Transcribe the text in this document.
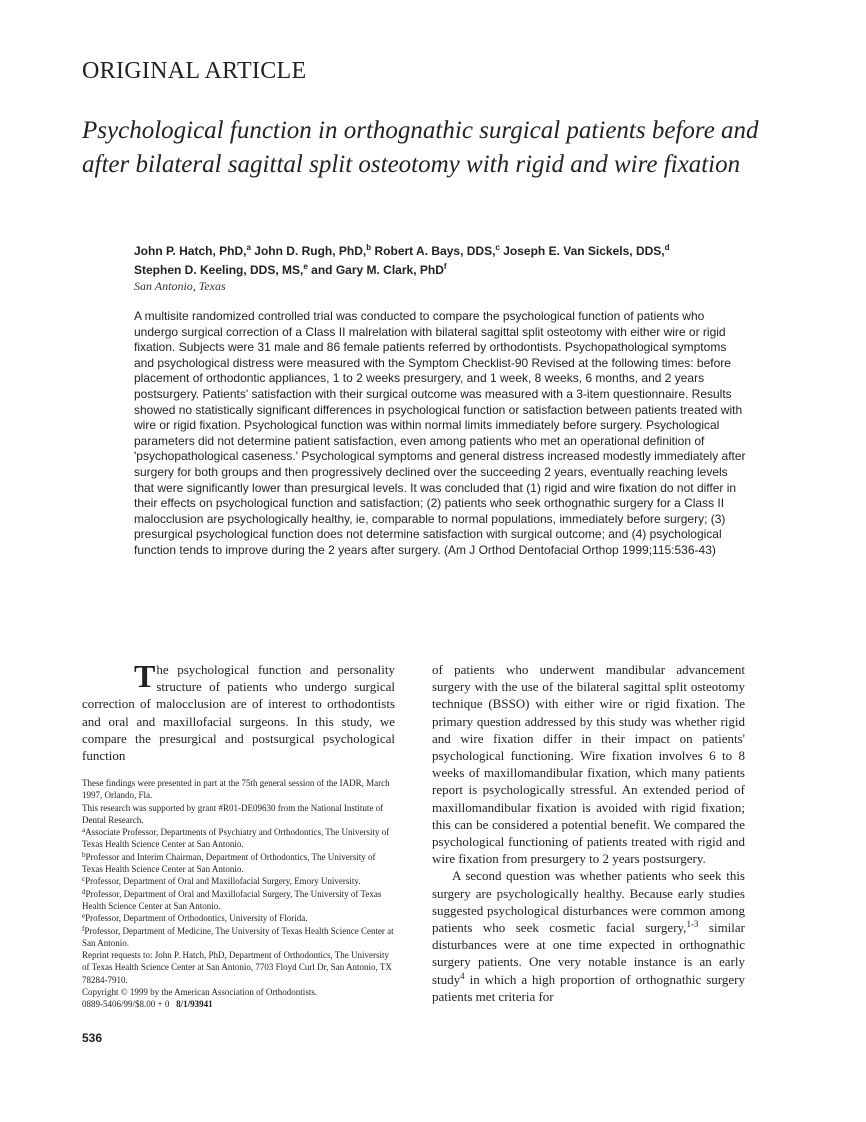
ORIGINAL ARTICLE
Psychological function in orthognathic surgical patients before and after bilateral sagittal split osteotomy with rigid and wire fixation
John P. Hatch, PhD,$^a$ John D. Rugh, PhD,$^b$ Robert A. Bays, DDS,$^c$ Joseph E. Van Sickels, DDS,$^d$
Stephen D. Keeling, DDS, MS,$^e$ and Gary M. Clark, PhD$^f$
San Antonio, Texas
A multisite randomized controlled trial was conducted to compare the psychological function of patients who undergo surgical correction of a Class II malrelation with bilateral sagittal split osteotomy with either wire or rigid fixation. Subjects were 31 male and 86 female patients referred by orthodontists. Psychopathological symptoms and psychological distress were measured with the Symptom Checklist-90 Revised at the following times: before placement of orthodontic appliances, 1 to 2 weeks presurgery, and 1 week, 8 weeks, 6 months, and 2 years postsurgery. Patients' satisfaction with their surgical outcome was measured with a 3-item questionnaire. Results showed no statistically significant differences in psychological function or satisfaction between patients treated with wire or rigid fixation. Psychological function was within normal limits immediately before surgery. Psychological parameters did not determine patient satisfaction, even among patients who met an operational definition of 'psychopathological caseness.' Psychological symptoms and general distress increased modestly immediately after surgery for both groups and then progressively declined over the succeeding 2 years, eventually reaching levels that were significantly lower than presurgical levels. It was concluded that (1) rigid and wire fixation do not differ in their effects on psychological function and satisfaction; (2) patients who seek orthognathic surgery for a Class II malocclusion are psychologically healthy, ie, comparable to normal populations, immediately before surgery; (3) presurgical psychological function does not determine satisfaction with surgical outcome; and (4) psychological function tends to improve during the 2 years after surgery. (Am J Orthod Dentofacial Orthop 1999;115:536-43)

The psychological function and personality structure of patients who undergo surgical correction of malocclusion are of interest to orthodontists and oral and maxillofacial surgeons. In this study, we compare the presurgical and postsurgical psychological function

These findings were presented in part at the 75th general session of the IADR, March 1997, Orlando, Fla.
This research was supported by grant #R01-DE09630 from the National Institute of Dental Research.
$^a$Associate Professor, Departments of Psychiatry and Orthodontics, The University of Texas Health Science Center at San Antonio.
$^b$Professor and Interim Chairman, Department of Orthodontics, The University of Texas Health Science Center at San Antonio.
$^c$Professor, Department of Oral and Maxillofacial Surgery, Emory University.
$^d$Professor, Department of Oral and Maxillofacial Surgery, The University of Texas Health Science Center at San Antonio.
$^e$Professor, Department of Orthodontics, University of Florida.
$^f$Professor, Department of Medicine, The University of Texas Health Science Center at San Antonio.
Reprint requests to: John P. Hatch, PhD, Department of Orthodontics, The University of Texas Health Science Center at San Antonio, 7703 Floyd Curl Dr, San Antonio, TX 78284-7910.
Copyright © 1999 by the American Association of Orthodontists.
0889-5406/99/$8.00 + 0 8/1/93941

of patients who underwent mandibular advancement surgery with the use of the bilateral sagittal split osteotomy technique (BSSO) with either wire or rigid fixation. The primary question addressed by this study was whether rigid and wire fixation differ in their impact on patients' psychological functioning. Wire fixation involves 6 to 8 weeks of maxillomandibular fixation, which many patients report is psychologically stressful. An extended period of maxillomandibular fixation is avoided with rigid fixation; this can be considered a potential benefit. We compared the psychological functioning of patients treated with rigid and wire fixation from presurgery to 2 years postsurgery.

A second question was whether patients who seek this surgery are psychologically healthy. Because early studies suggested psychological disturbances were common among patients who seek cosmetic facial surgery,$^{1-3}$ similar disturbances were at one time expected in orthognathic surgery patients. One very notable instance is an early study$^4$ in which a high proportion of orthognathic surgery patients met criteria for

536
